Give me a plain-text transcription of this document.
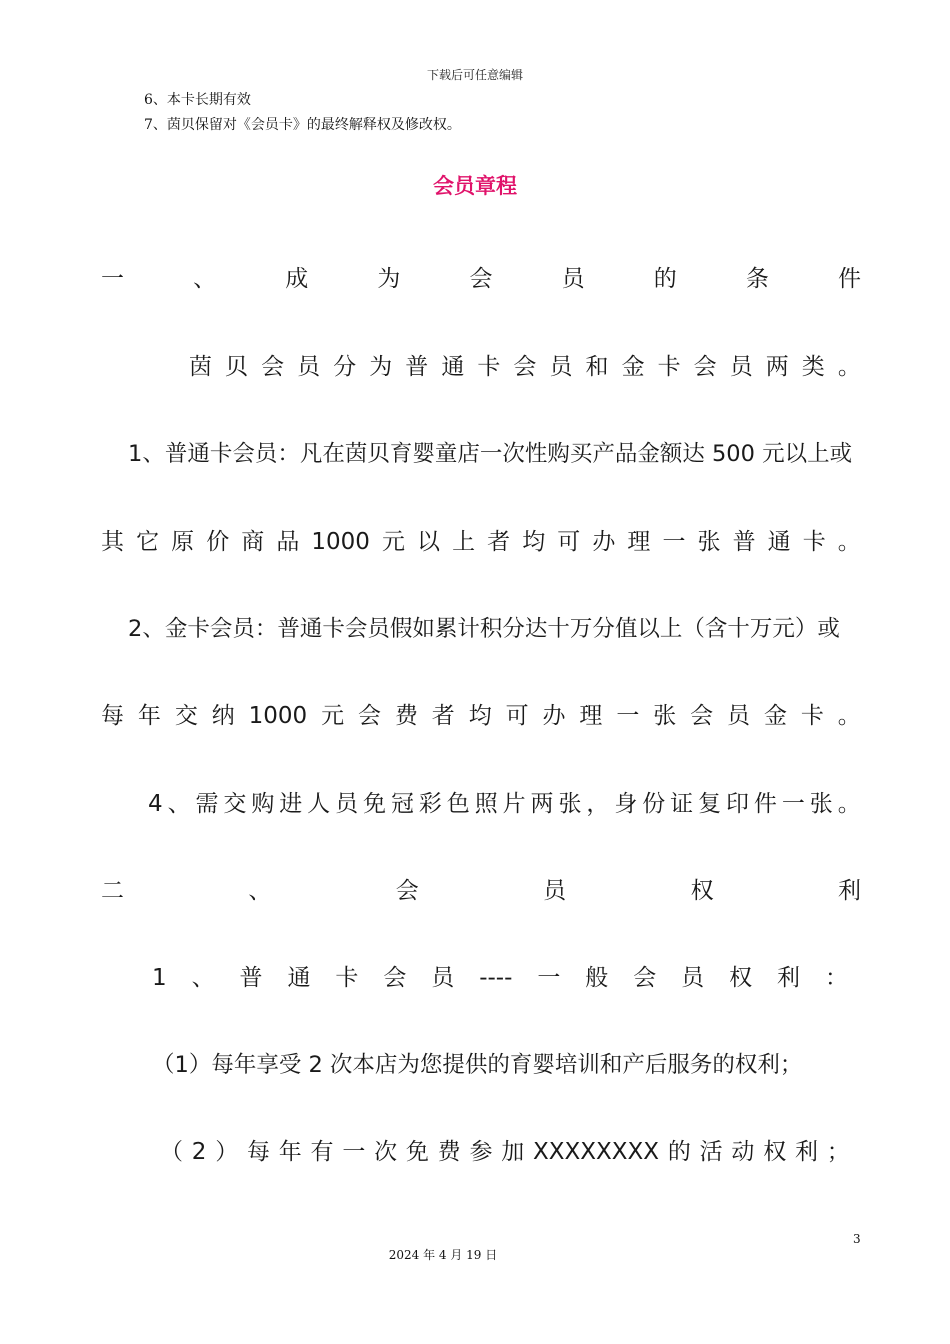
下载后可任意编辑
6、本卡长期有效
7、茵贝保留对《会员卡》的最终解释权及修改权。
会员章程
一	、	成	为	会	员	的	条	件
茵 贝 会 员 分 为 普 通 卡 会 员 和 金 卡 会 员 两 类 。
1、普通卡会员：凡在茵贝育婴童店一次性购买产品金额达 500 元以上或
其 它 原 价 商 品 1000 元 以 上 者 均 可 办 理 一 张 普 通 卡 。
2、金卡会员：普通卡会员假如累计积分达十万分值以上（含十万元）或
每 年 交 纳 1000 元 会 费 者 均 可 办 理 一 张 会 员 金 卡 。
4 、 需 交 购 进 人 员 免 冠 彩 色 照 片 两 张 ， 身 份 证 复 印 件 一 张 。
二	、	会	员	权	利
1 、 普 通 卡 会 员 ---- 一 般 会 员 权 利 ：
（1）每年享受 2 次本店为您提供的育婴培训和产后服务的权利；
（ 2 ） 每 年 有 一 次 免 费 参 加 XXXXXXXX 的 活 动 权 利 ；
3
2024 年 4 月 19 日
